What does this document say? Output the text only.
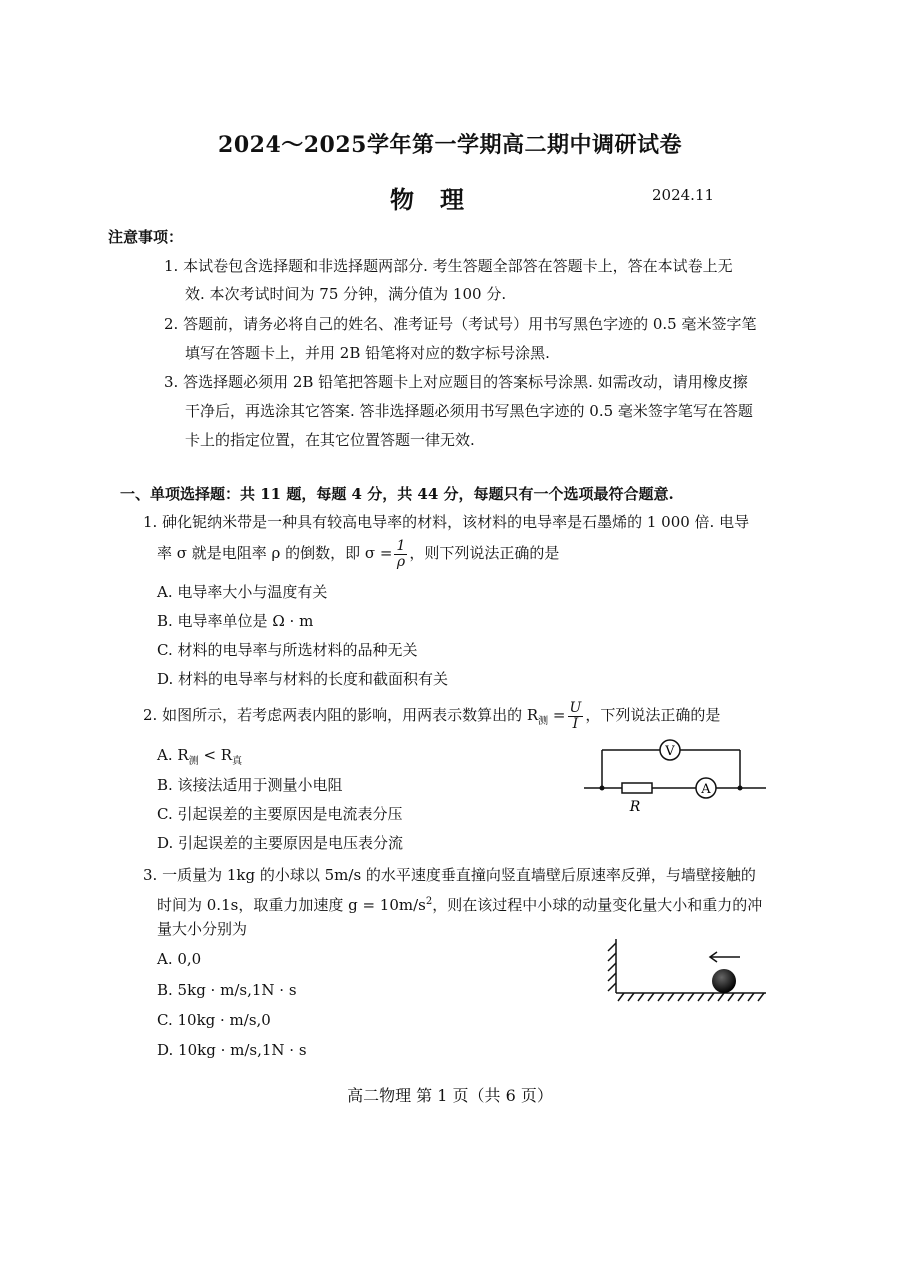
2024～2025学年第一学期高二期中调研试卷
物理	2024.11
注意事项：
1. 本试卷包含选择题和非选择题两部分. 考生答题全部答在答题卡上，答在本试卷上无
效. 本次考试时间为 75 分钟，满分值为 100 分.
2. 答题前，请务必将自己的姓名、准考证号（考试号）用书写黑色字迹的 0.5 毫米签字笔
填写在答题卡上，并用 2B 铅笔将对应的数字标号涂黑.
3. 答选择题必须用 2B 铅笔把答题卡上对应题目的答案标号涂黑. 如需改动，请用橡皮擦
干净后，再选涂其它答案. 答非选择题必须用书写黑色字迹的 0.5 毫米签字笔写在答题
卡上的指定位置，在其它位置答题一律无效.
一、单项选择题：共 11 题，每题 4 分，共 44 分，每题只有一个选项最符合题意.
1. 砷化铌纳米带是一种具有较高电导率的材料，该材料的电导率是石墨烯的 1 000 倍. 电导
率 σ 就是电阻率 ρ 的倒数，即 $\sigma = \frac{1}{\rho}$ ，则下列说法正确的是
A. 电导率大小与温度有关
B. 电导率单位是 Ω · m
C. 材料的电导率与所选材料的品种无关
D. 材料的电导率与材料的长度和截面积有关
2. 如图所示，若考虑两表内阻的影响，用两表示数算出的 $R_测 = \frac{U}{I}$ ，下列说法正确的是
A. $R_测 < R_真$
B. 该接法适用于测量小电阻
C. 引起误差的主要原因是电流表分压
D. 引起误差的主要原因是电压表分流
V
A
R
3. 一质量为 1kg 的小球以 5m/s 的水平速度垂直撞向竖直墙壁后原速率反弹，与墙壁接触的
时间为 0.1s，取重力加速度 $g = 10m/s^2$，则在该过程中小球的动量变化量大小和重力的冲
量大小分别为
A. 0,0
B. 5kg · m/s,1N · s
C. 10kg · m/s,0
D. 10kg · m/s,1N · s
高二物理 第 1 页（共 6 页）
